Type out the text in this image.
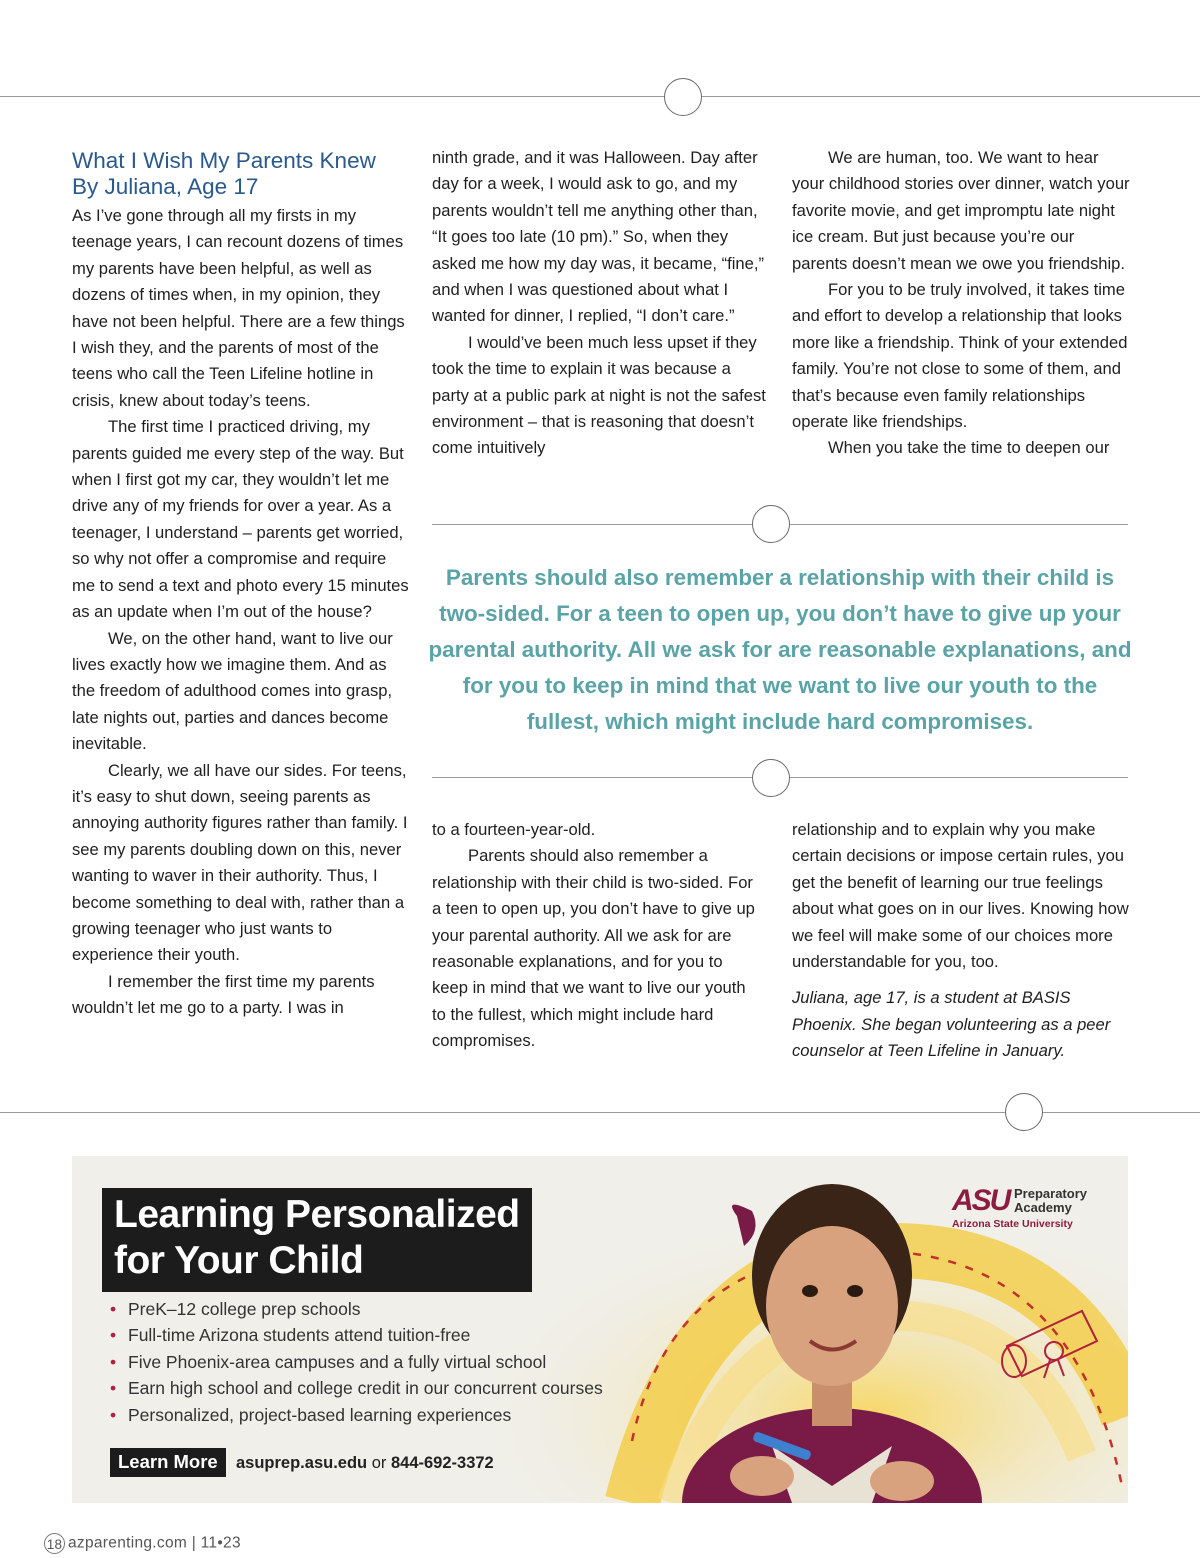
What I Wish My Parents Knew
By Juliana, Age 17

As I’ve gone through all my firsts in my teenage years, I can recount dozens of times my parents have been helpful, as well as dozens of times when, in my opinion, they have not been helpful. There are a few things I wish they, and the parents of most of the teens who call the Teen Lifeline hotline in crisis, knew about today’s teens.

The first time I practiced driving, my parents guided me every step of the way. But when I first got my car, they wouldn’t let me drive any of my friends for over a year. As a teenager, I understand – parents get worried, so why not offer a compromise and require me to send a text and photo every 15 minutes as an update when I’m out of the house?

We, on the other hand, want to live our lives exactly how we imagine them. And as the freedom of adulthood comes into grasp, late nights out, parties and dances become inevitable.

Clearly, we all have our sides. For teens, it’s easy to shut down, seeing parents as annoying authority figures rather than family. I see my parents doubling down on this, never wanting to waver in their authority. Thus, I become something to deal with, rather than a growing teenager who just wants to experience their youth.

I remember the first time my parents wouldn’t let me go to a party. I was in

ninth grade, and it was Halloween. Day after day for a week, I would ask to go, and my parents wouldn’t tell me anything other than, “It goes too late (10 pm).” So, when they asked me how my day was, it became, “fine,” and when I was questioned about what I wanted for dinner, I replied, “I don’t care.”

I would’ve been much less upset if they took the time to explain it was because a party at a public park at night is not the safest environment – that is reasoning that doesn’t come intuitively

We are human, too. We want to hear your childhood stories over dinner, watch your favorite movie, and get impromptu late night ice cream. But just because you’re our parents doesn’t mean we owe you friendship.

For you to be truly involved, it takes time and effort to develop a relationship that looks more like a friendship. Think of your extended family. You’re not close to some of them, and that’s because even family relationships operate like friendships.

When you take the time to deepen our

Parents should also remember a relationship with their child is two-sided. For a teen to open up, you don’t have to give up your parental authority. All we ask for are reasonable explanations, and for you to keep in mind that we want to live our youth to the fullest, which might include hard compromises.

to a fourteen-year-old.

Parents should also remember a relationship with their child is two-sided. For a teen to open up, you don’t have to give up your parental authority. All we ask for are reasonable explanations, and for you to keep in mind that we want to live our youth to the fullest, which might include hard compromises.

relationship and to explain why you make certain decisions or impose certain rules, you get the benefit of learning our true feelings about what goes on in our lives. Knowing how we feel will make some of our choices more understandable for you, too.

Juliana, age 17, is a student at BASIS Phoenix. She began volunteering as a peer counselor at Teen Lifeline in January.

Learning Personalized
for Your Child
• PreK–12 college prep schools
• Full-time Arizona students attend tuition-free
• Five Phoenix-area campuses and a fully virtual school
• Earn high school and college credit in our concurrent courses
• Personalized, project-based learning experiences
Learn More	asuprep.asu.edu or 844-692-3372
ASU Preparatory
Academy
Arizona State University
18 azparenting.com | 11•23
